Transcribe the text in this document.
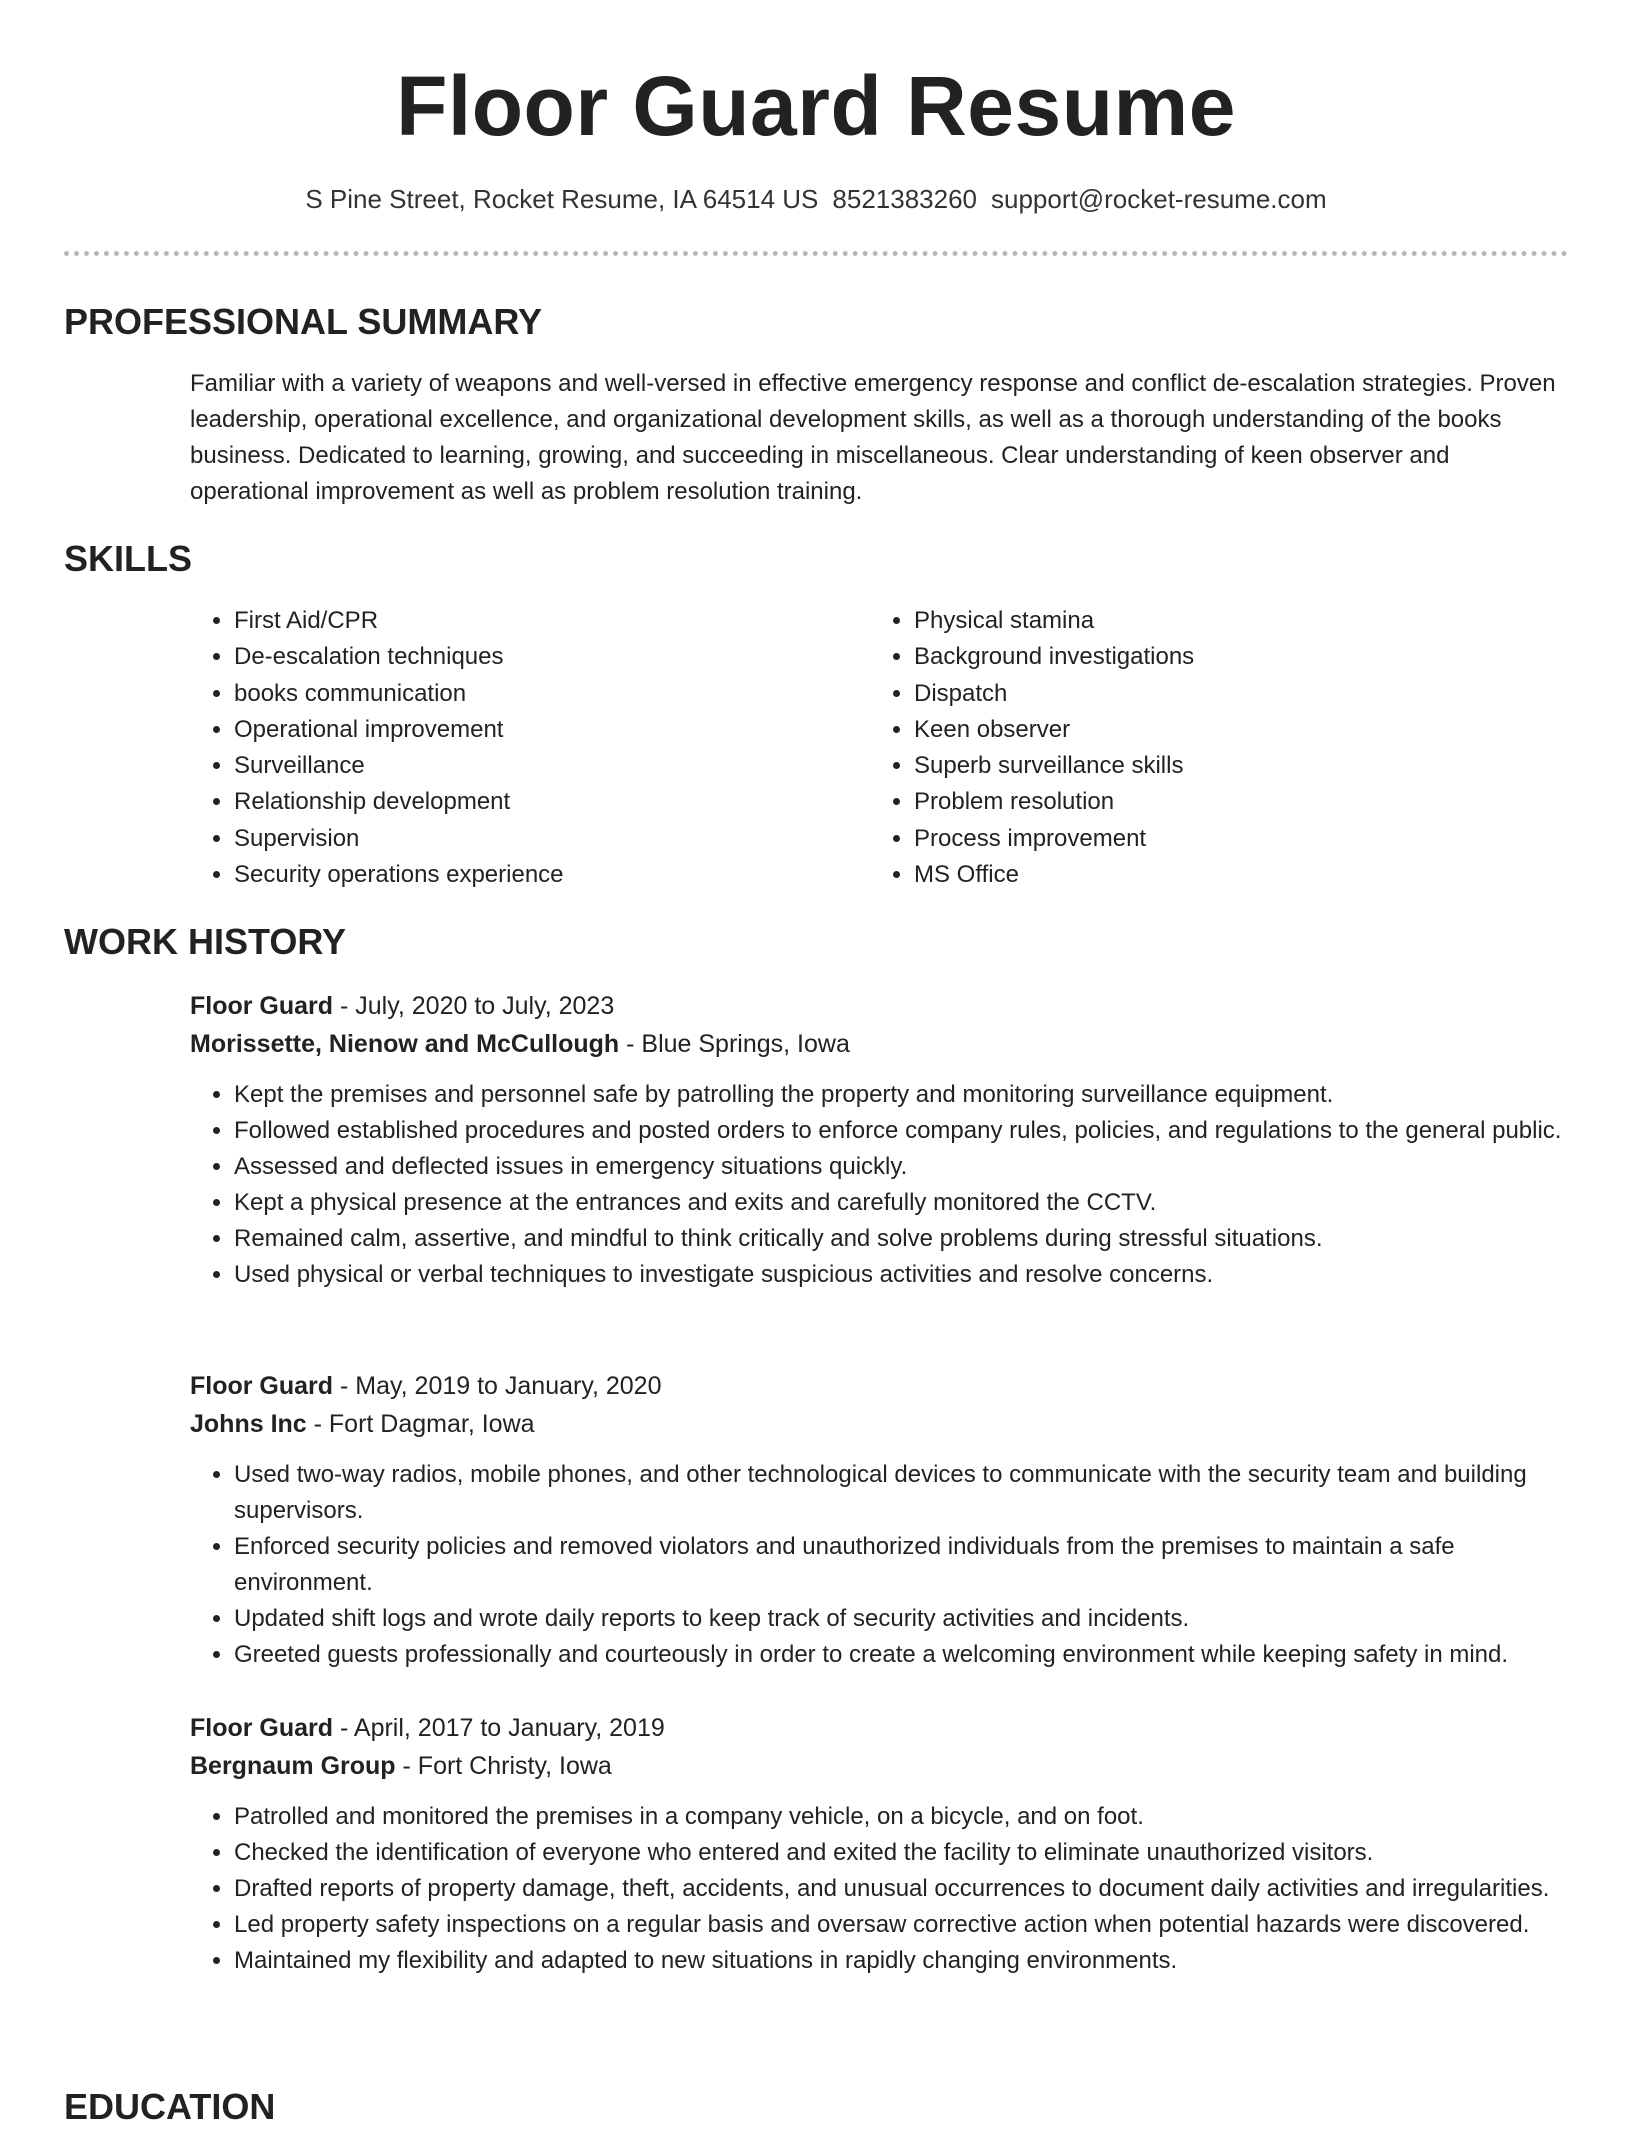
Floor Guard Resume
S Pine Street, Rocket Resume, IA 64514 US 8521383260 support@rocket-resume.com
PROFESSIONAL SUMMARY
Familiar with a variety of weapons and well-versed in effective emergency response and conflict de-escalation strategies. Proven leadership, operational excellence, and organizational development skills, as well as a thorough understanding of the books business. Dedicated to learning, growing, and succeeding in miscellaneous. Clear understanding of keen observer and operational improvement as well as problem resolution training.
SKILLS
• First Aid/CPR
• De-escalation techniques
• books communication
• Operational improvement
• Surveillance
• Relationship development
• Supervision
• Security operations experience
• Physical stamina
• Background investigations
• Dispatch
• Keen observer
• Superb surveillance skills
• Problem resolution
• Process improvement
• MS Office
WORK HISTORY
Floor Guard - July, 2020 to July, 2023
Morissette, Nienow and McCullough - Blue Springs, Iowa
• Kept the premises and personnel safe by patrolling the property and monitoring surveillance equipment.
• Followed established procedures and posted orders to enforce company rules, policies, and regulations to the general public.
• Assessed and deflected issues in emergency situations quickly.
• Kept a physical presence at the entrances and exits and carefully monitored the CCTV.
• Remained calm, assertive, and mindful to think critically and solve problems during stressful situations.
• Used physical or verbal techniques to investigate suspicious activities and resolve concerns.
Floor Guard - May, 2019 to January, 2020
Johns Inc - Fort Dagmar, Iowa
• Used two-way radios, mobile phones, and other technological devices to communicate with the security team and building supervisors.
• Enforced security policies and removed violators and unauthorized individuals from the premises to maintain a safe environment.
• Updated shift logs and wrote daily reports to keep track of security activities and incidents.
• Greeted guests professionally and courteously in order to create a welcoming environment while keeping safety in mind.
Floor Guard - April, 2017 to January, 2019
Bergnaum Group - Fort Christy, Iowa
• Patrolled and monitored the premises in a company vehicle, on a bicycle, and on foot.
• Checked the identification of everyone who entered and exited the facility to eliminate unauthorized visitors.
• Drafted reports of property damage, theft, accidents, and unusual occurrences to document daily activities and irregularities.
• Led property safety inspections on a regular basis and oversaw corrective action when potential hazards were discovered.
• Maintained my flexibility and adapted to new situations in rapidly changing environments.
EDUCATION
